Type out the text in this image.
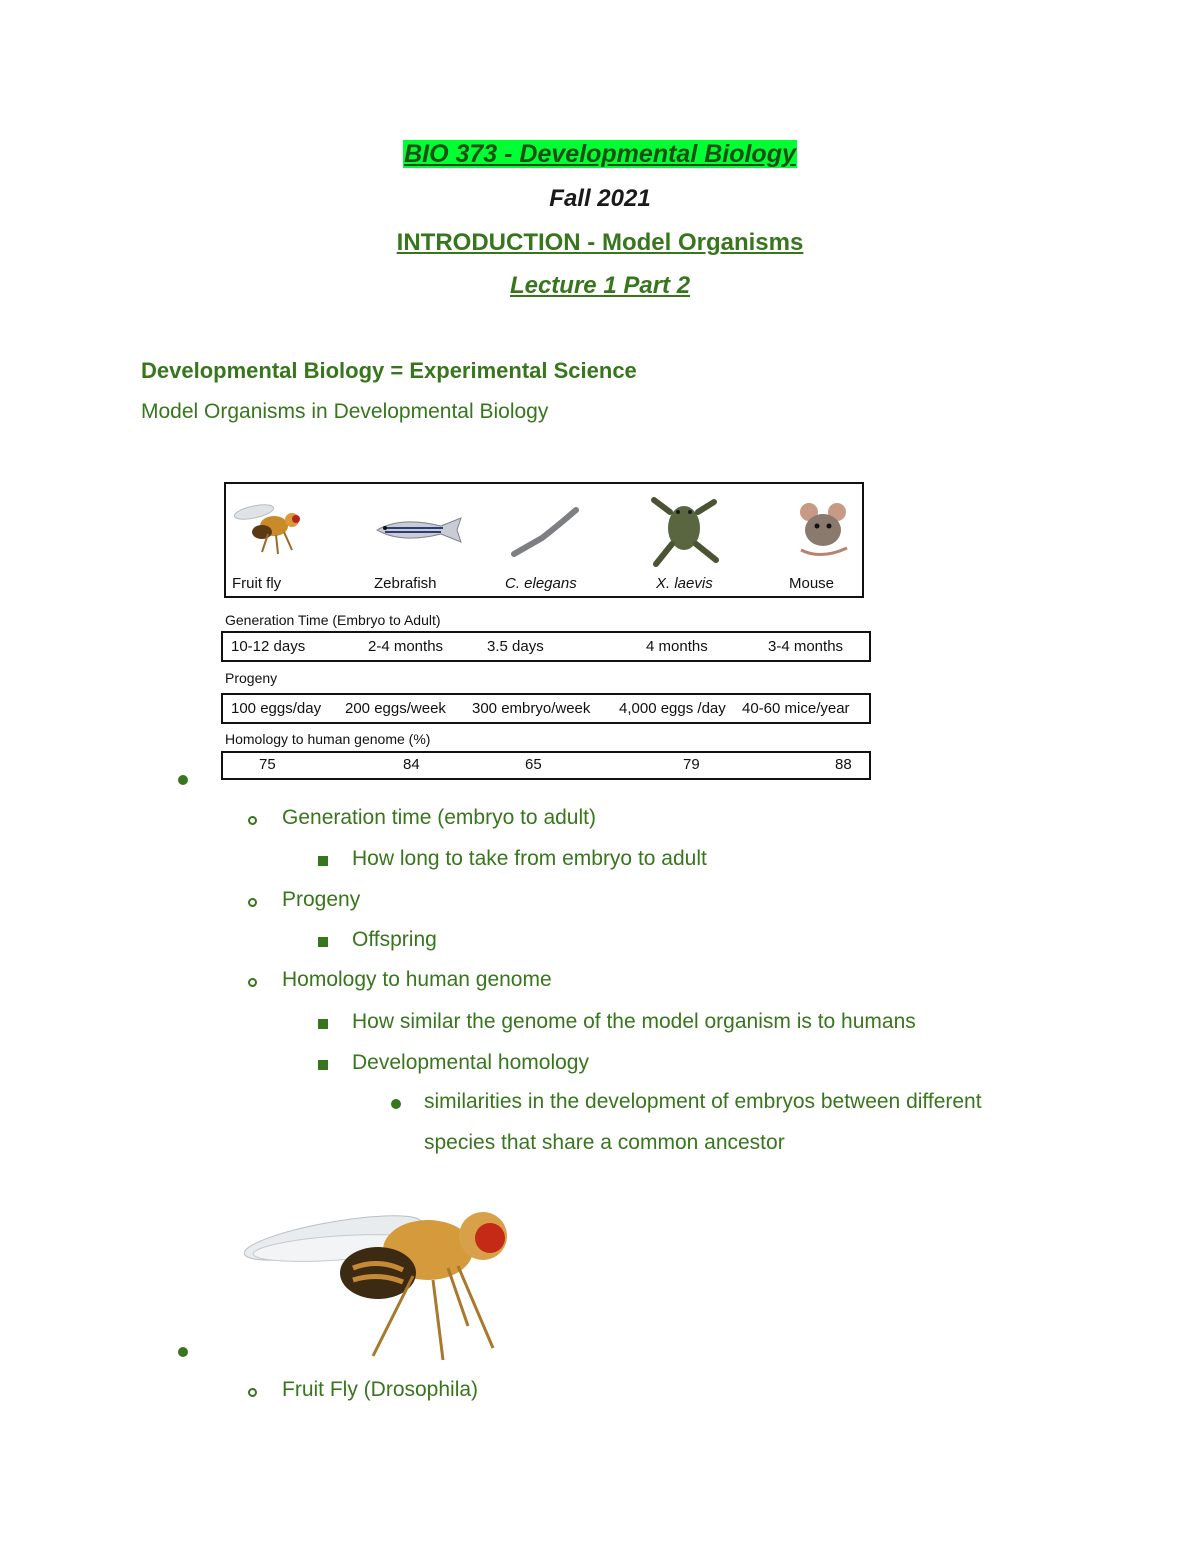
BIO 373 - Developmental Biology
Fall 2021
INTRODUCTION - Model Organisms
Lecture 1 Part 2
Developmental Biology = Experimental Science
Model Organisms in Developmental Biology
Fruit fly	Zebrafish	C. elegans	X. laevis	Mouse
Generation Time (Embryo to Adult)
10-12 days	2-4 months	3.5 days	4 months	3-4 months
Progeny
100 eggs/day 200 eggs/week 300 embryo/week 4,000 eggs /day 40-60 mice/year
Homology to human genome (%)
75	84	65	79	88
Generation time (embryo to adult)
How long to take from embryo to adult
Progeny
Offspring
Homology to human genome
How similar the genome of the model organism is to humans
Developmental homology
similarities in the development of embryos between different
species that share a common ancestor
Fruit Fly (Drosophila)
